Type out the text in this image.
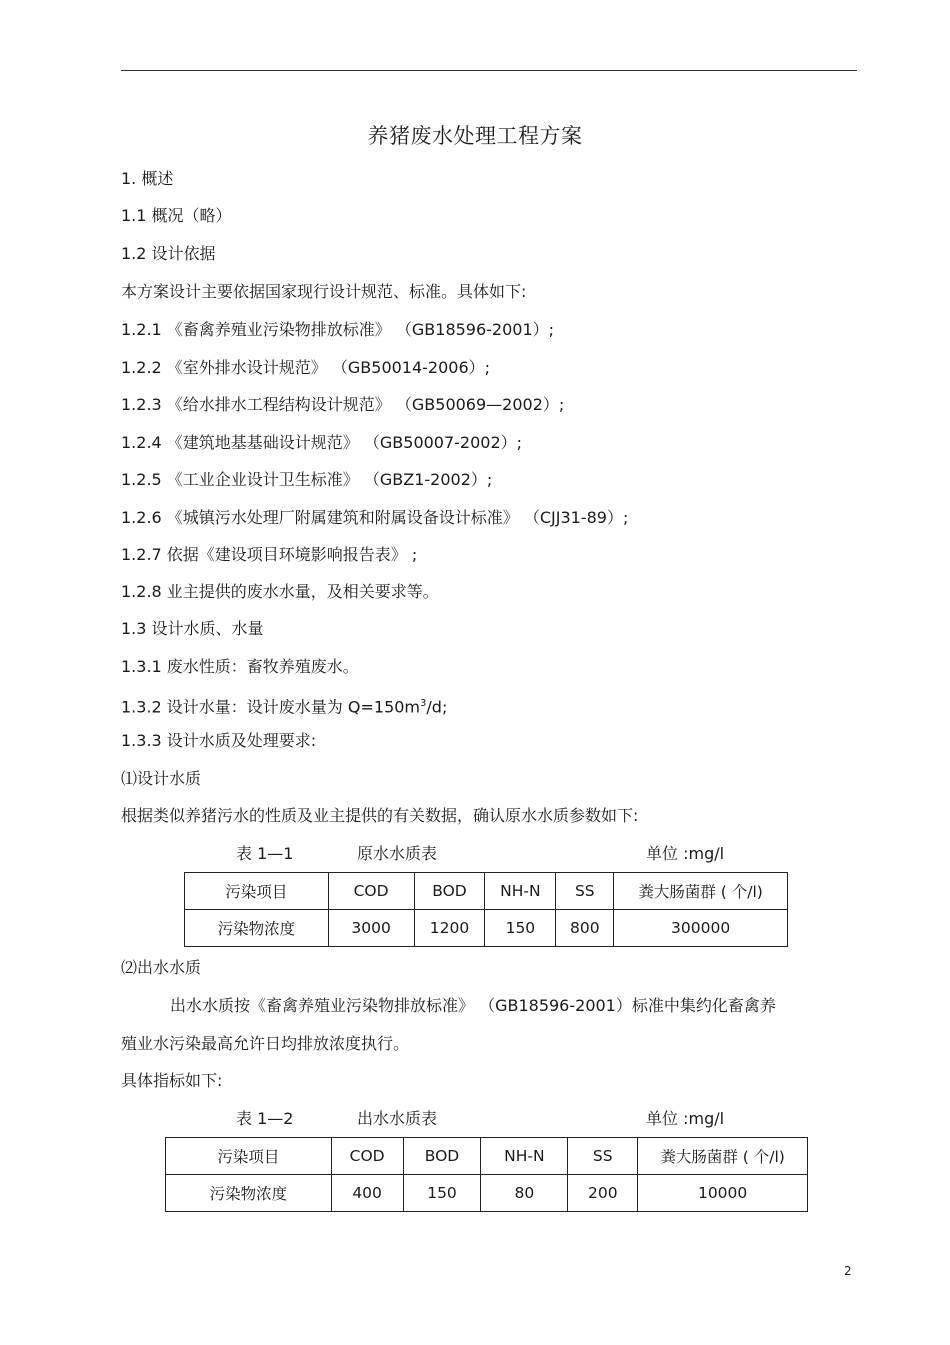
养猪废水处理工程方案
1. 概述
1.1 概况（略）
1.2 设计依据
本方案设计主要依据国家现行设计规范、标准。具体如下:
1.2.1 《畜禽养殖业污染物排放标准》 （GB18596-2001）;
1.2.2 《室外排水设计规范》 （GB50014-2006）;
1.2.3 《给水排水工程结构设计规范》 （GB50069—2002）;
1.2.4 《建筑地基基础设计规范》 （GB50007-2002）;
1.2.5 《工业企业设计卫生标准》 （GBZ1-2002）;
1.2.6 《城镇污水处理厂附属建筑和附属设备设计标准》 （CJJ31-89）;
1.2.7 依据《建设项目环境影响报告表》 ;
1.2.8 业主提供的废水水量，及相关要求等。
1.3 设计水质、水量
1.3.1 废水性质：畜牧养殖废水。
1.3.2 设计水量：设计废水量为 $Q=150m^3/d$;
1.3.3 设计水质及处理要求:
⑴设计水质
根据类似养猪污水的性质及业主提供的有关数据，确认原水水质参数如下:
表 1—1	原水水质表	单位 :mg/l
污染项目	COD	BOD	NH-N	SS	粪大肠菌群 ( 个/l)
污染物浓度	3000	1200	150	800	300000
⑵出水水质
出水水质按《畜禽养殖业污染物排放标准》 （GB18596-2001）标准中集约化畜禽养
殖业水污染最高允许日均排放浓度执行。
具体指标如下:
表 1—2	出水水质表	单位 :mg/l
污染项目	COD	BOD	NH-N	SS	粪大肠菌群 ( 个/l)
污染物浓度	400	150	80	200	10000
2
